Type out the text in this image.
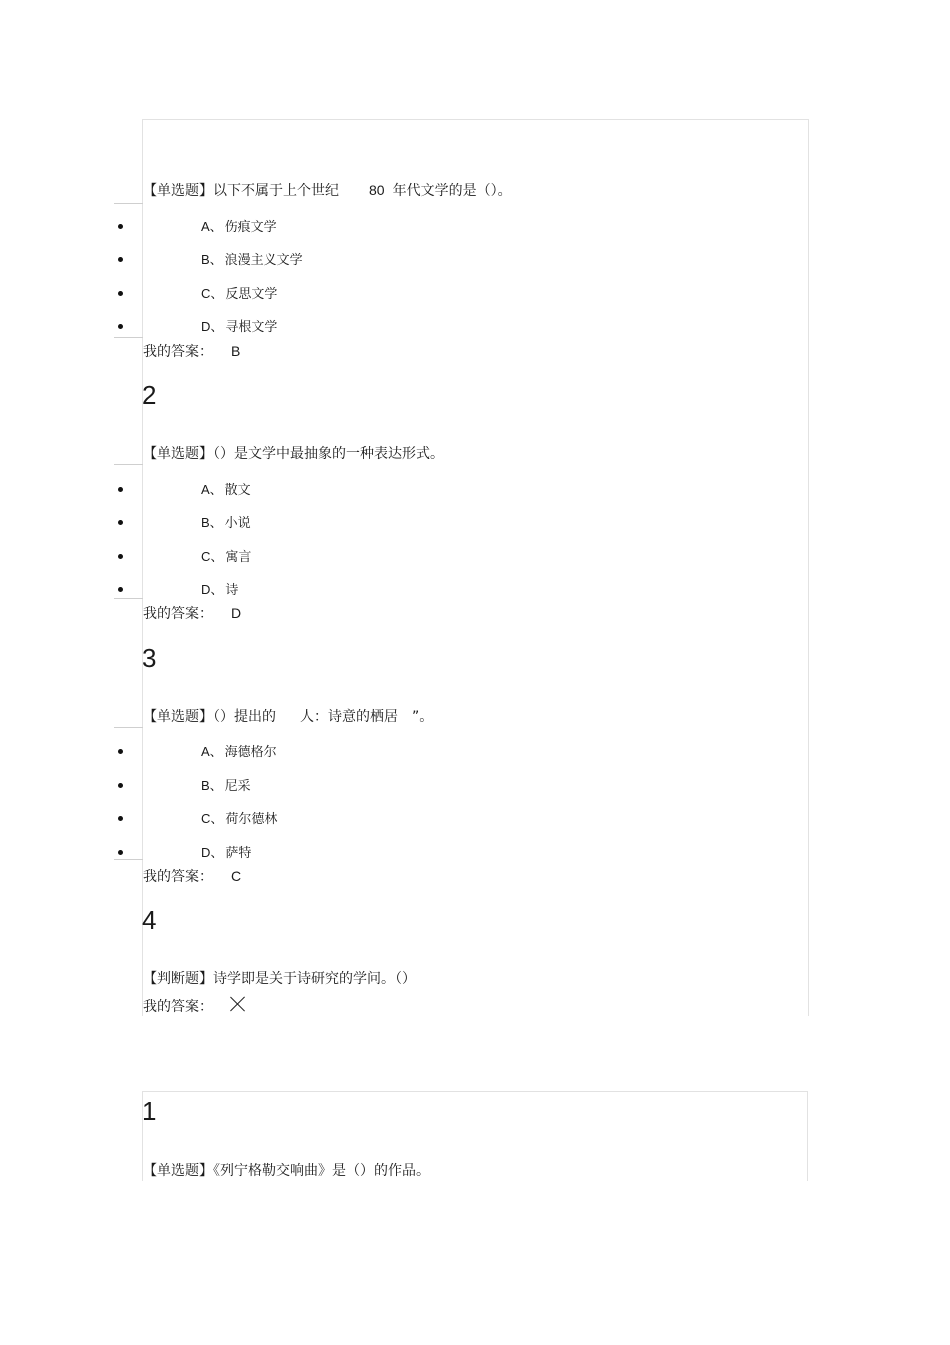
【单选题】以下不属于上个世纪 80 年代文学的是（）。
A、 伤痕文学
B、 浪漫主义文学
C、 反思文学
D、 寻根文学
我的答案： B
2
【单选题】（）是文学中最抽象的一种表达形式。
A、 散文
B、 小说
C、 寓言
D、 诗
我的答案： D
3
【单选题】（）提出的 人：诗意的栖居 ”。
A、 海德格尔
B、 尼采
C、 荷尔德林
D、 萨特
我的答案： C
4
【判断题】诗学即是关于诗研究的学问。（）
我的答案：
1
【单选题】《列宁格勒交响曲》是（）的作品。
